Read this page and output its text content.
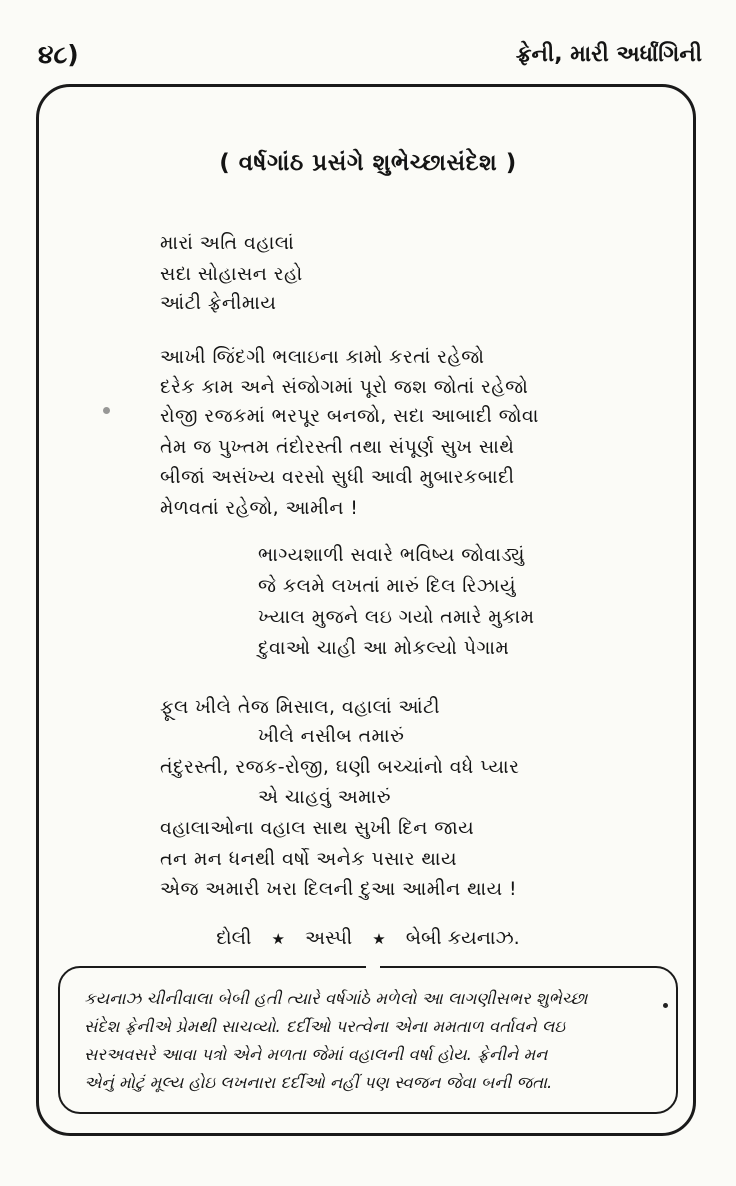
૪૮)	ફ્રેની, મારી અર્ધાંગિની
( વર્ષગાંઠ પ્રસંગે શુભેચ્છાસંદેશ )
મારાં અતિ વહાલાં
સદા સોહાસન રહો
આંટી ફ્રેનીમાય
આખી જિંદગી ભલાઇના કામો કરતાં રહેજો
દરેક કામ અને સંજોગમાં પૂરો જશ જોતાં રહેજો
રોજી રજકમાં ભરપૂર બનજો, સદા આબાદી જોવા
તેમ જ પુખ્તમ તંદોરસ્તી તથા સંપૂર્ણ સુખ સાથે
બીજાં અસંખ્ય વરસો સુધી આવી મુબારકબાદી
મેળવતાં રહેજો, આમીન !
ભાગ્યશાળી સવારે ભવિષ્ય જોવાડ્યું
જે કલમે લખતાં મારું દિલ રિઝાયું
ખ્યાલ મુજને લઇ ગયો તમારે મુકામ
દુવાઓ ચાહી આ મોકલ્યો પેગામ
ફૂલ ખીલે તેજ મિસાલ, વહાલાં આંટી
ખીલે નસીબ તમારું
તંદુરસ્તી, રજક-રોજી, ઘણી બચ્ચાંનો વધે પ્યાર
એ ચાહવું અમારું
વહાલાઓના વહાલ સાથ સુખી દિન જાય
તન મન ધનથી વર્ષો અનેક પસાર થાય
એજ અમારી ખરા દિલની દુઆ આમીન થાય !
દોલી ★ અસ્પી ★ બેબી કયનાઝ.
કયનાઝ ચીનીવાલા બેબી હતી ત્યારે વર્ષગાંઠે મળેલો આ લાગણીસભર શુભેચ્છા
સંદેશ ફ્રેનીએ પ્રેમથી સાચવ્યો. દર્દીઓ પરત્વેના એના મમતાળ વર્તાવને લઇ
સરઅવસરે આવા પત્રો એને મળતા જેમાં વહાલની વર્ષા હોય. ફ્રેનીને મન
એનું મોટું મૂલ્ય હોઇ લખનારા દર્દીઓ નહીં પણ સ્વજન જેવા બની જતા.
